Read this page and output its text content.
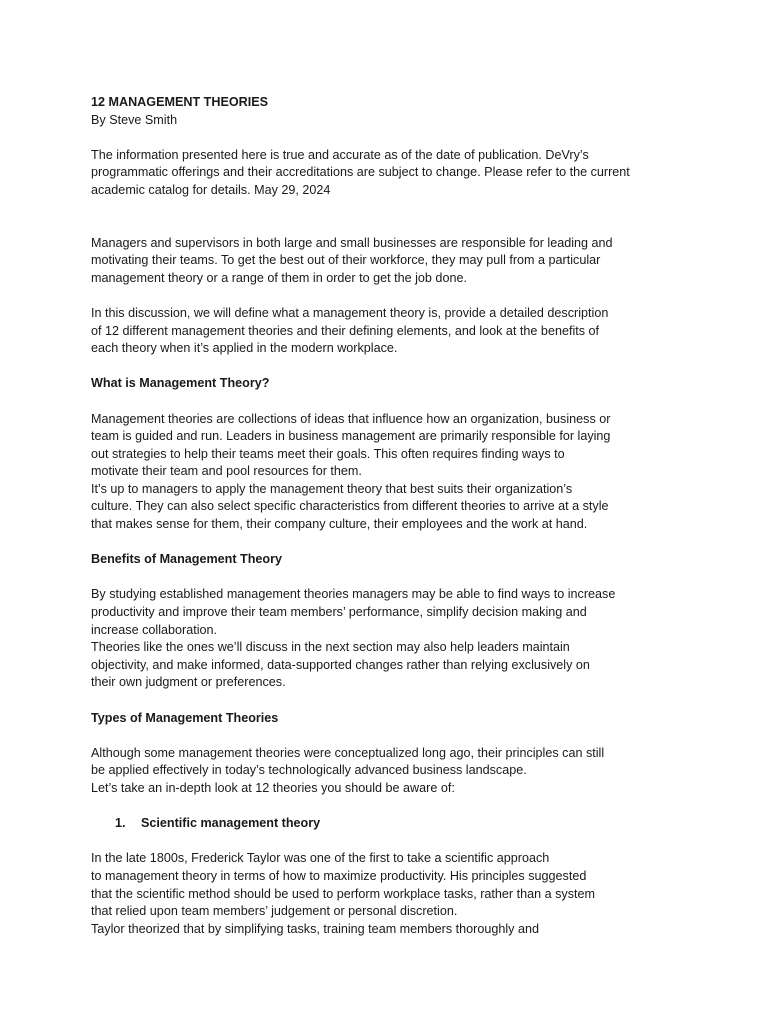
12 MANAGEMENT THEORIES
By Steve Smith

The information presented here is true and accurate as of the date of publication. DeVry’s
programmatic offerings and their accreditations are subject to change. Please refer to the current
academic catalog for details. May 29, 2024

Managers and supervisors in both large and small businesses are responsible for leading and
motivating their teams. To get the best out of their workforce, they may pull from a particular
management theory or a range of them in order to get the job done.

In this discussion, we will define what a management theory is, provide a detailed description
of 12 different management theories and their defining elements, and look at the benefits of
each theory when it’s applied in the modern workplace.

What is Management Theory?

Management theories are collections of ideas that influence how an organization, business or
team is guided and run. Leaders in business management are primarily responsible for laying
out strategies to help their teams meet their goals. This often requires finding ways to
motivate their team and pool resources for them.
It’s up to managers to apply the management theory that best suits their organization’s
culture. They can also select specific characteristics from different theories to arrive at a style
that makes sense for them, their company culture, their employees and the work at hand.

Benefits of Management Theory

By studying established management theories managers may be able to find ways to increase
productivity and improve their team members’ performance, simplify decision making and
increase collaboration.
Theories like the ones we’ll discuss in the next section may also help leaders maintain
objectivity, and make informed, data-supported changes rather than relying exclusively on
their own judgment or preferences.

Types of Management Theories

Although some management theories were conceptualized long ago, their principles can still
be applied effectively in today’s technologically advanced business landscape.
Let’s take an in-depth look at 12 theories you should be aware of:

1.	Scientific management theory

In the late 1800s, Frederick Taylor was one of the first to take a scientific approach
to management theory in terms of how to maximize productivity. His principles suggested
that the scientific method should be used to perform workplace tasks, rather than a system
that relied upon team members’ judgement or personal discretion.
Taylor theorized that by simplifying tasks, training team members thoroughly and
